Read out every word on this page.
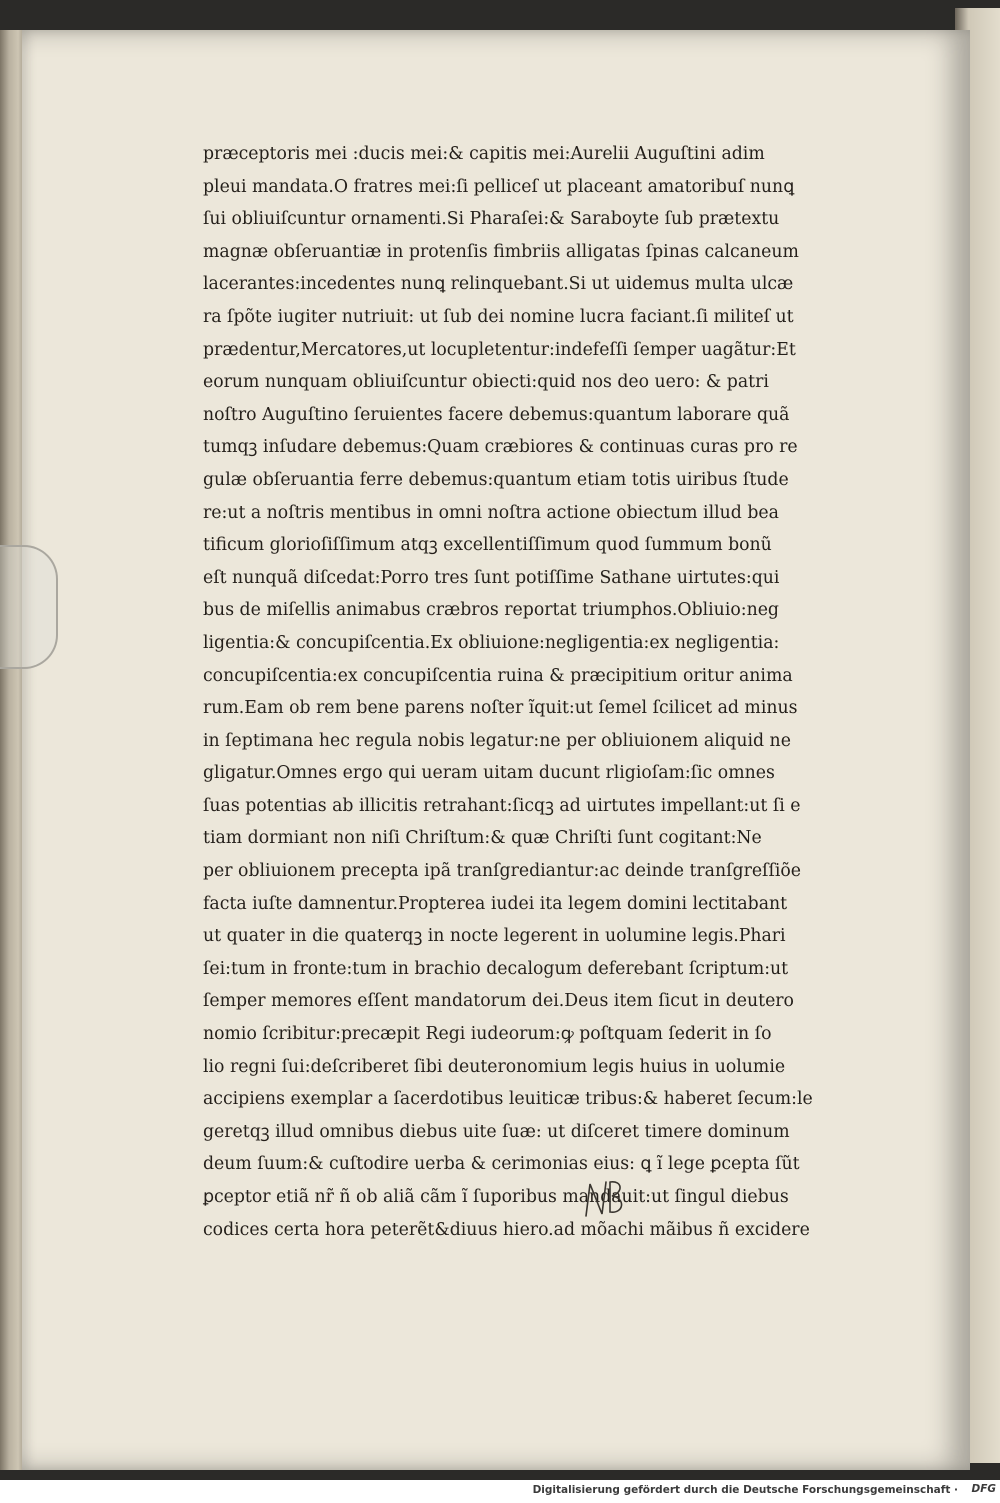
præceptoris mei :ducis mei:& capitis mei:Aurelii Auguſtini adim
pleui mandata.O fratres mei:ſi pelliceſ ut placeant amatoribuſ nunꝗ
ſui obliuiſcuntur ornamenti.Si Pharaſei:& Saraboyte ſub prætextu
magnæ obſeruantiæ in protenſis fimbriis alligatas ſpinas calcaneum
lacerantes:incedentes nunꝗ relinquebant.Si ut uidemus multa ulcæ
ra ſpõte iugiter nutriuit: ut ſub dei nomine lucra faciant.ſi militeſ ut
prædentur,Mercatores,ut locupletentur:indefeſſi ſemper uagãtur:Et
eorum nunquam obliuiſcuntur obiecti:quid nos deo uero: & patri
noſtro Auguſtino ſeruientes facere debemus:quantum laborare quã
tumqꝫ inſudare debemus:Quam cræbiores & continuas curas pro re
gulæ obſeruantia ferre debemus:quantum etiam totis uiribus ſtude
re:ut a noſtris mentibus in omni noſtra actione obiectum illud bea
tificum glorioſiſſimum atqꝫ excellentiſſimum quod ſummum bonũ
eſt nunquã diſcedat:Porro tres ſunt potiſſime Sathane uirtutes:qui
bus de miſellis animabus cræbros reportat triumphos.Obliuio:neg
ligentia:& concupiſcentia.Ex obliuione:negligentia:ex negligentia:
concupiſcentia:ex concupiſcentia ruina & præcipitium oritur anima
rum.Eam ob rem bene parens noſter ĩquit:ut ſemel ſcilicet ad minus
in ſeptimana hec regula nobis legatur:ne per obliuionem aliquid ne
gligatur.Omnes ergo qui ueram uitam ducunt rligioſam:ſic omnes
ſuas potentias ab illicitis retrahant:ſicqꝫ ad uirtutes impellant:ut ſi e
tiam dormiant non niſi Chriſtum:& quæ Chriſti ſunt cogitant:Ne
per obliuionem precepta ipã tranſgrediantur:ac deinde tranſgreſſiõe
facta iuſte damnentur.Propterea iudei ita legem domini lectitabant
ut quater in die quaterqꝫ in nocte legerent in uolumine legis.Phari
ſei:tum in fronte:tum in brachio decalogum deferebant ſcriptum:ut
ſemper memores eſſent mandatorum dei.Deus item ſicut in deutero
nomio ſcribitur:precæpit Regi iudeorum:ꝙ poſtquam ſederit in ſo
lio regni ſui:deſcriberet ſibi deuteronomium legis huius in uolumie
accipiens exemplar a ſacerdotibus leuiticæ tribus:& haberet ſecum:le
geretqꝫ illud omnibus diebus uite ſuæ: ut diſceret timere dominum
deum ſuum:& cuſtodire uerba & cerimonias eius: ꝗ ĩ lege ꝑcepta ſũt
ꝑceptor etiã nr̃ ñ ob aliã cãm ĩ ſuporibus mandauit:ut ſingul diebus
codices certa hora peterẽt&diuus hiero.ad mõachi mãibus ñ excidere
Digitalisierung gefördert durch die Deutsche Forschungsgemeinschaft · DFG
